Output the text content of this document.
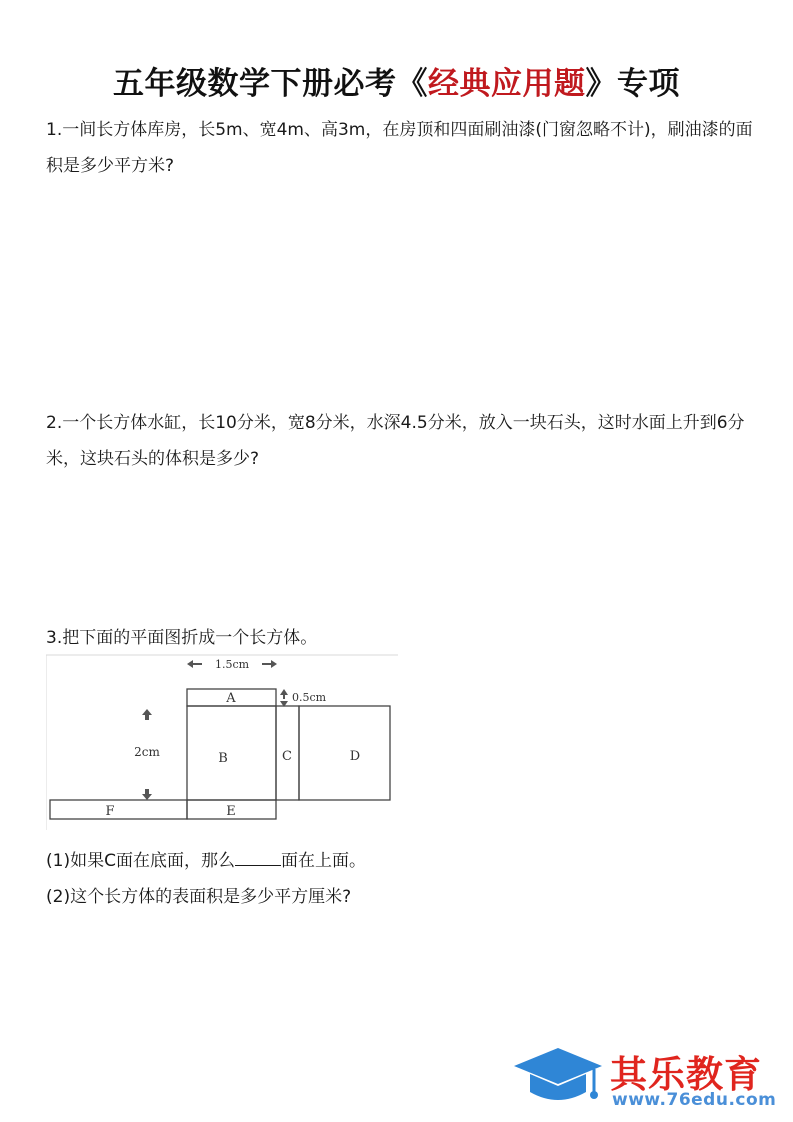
五年级数学下册必考《经典应用题》专项
1.一间长方体库房，长5m、宽4m、高3m，在房顶和四面刷油漆(门窗忽略不计)，刷油漆的面积是多少平方米?
2.一个长方体水缸，长10分米，宽8分米，水深4.5分米，放入一块石头，这时水面上升到6分米，这块石头的体积是多少?
3.把下面的平面图折成一个长方体。
1.5cm
0.5cm
2cm
A
B	C	D
E
F
(1)如果C面在底面，那么	面在上面。
(2)这个长方体的表面积是多少平方厘米?
其乐教育
www.76edu.com
